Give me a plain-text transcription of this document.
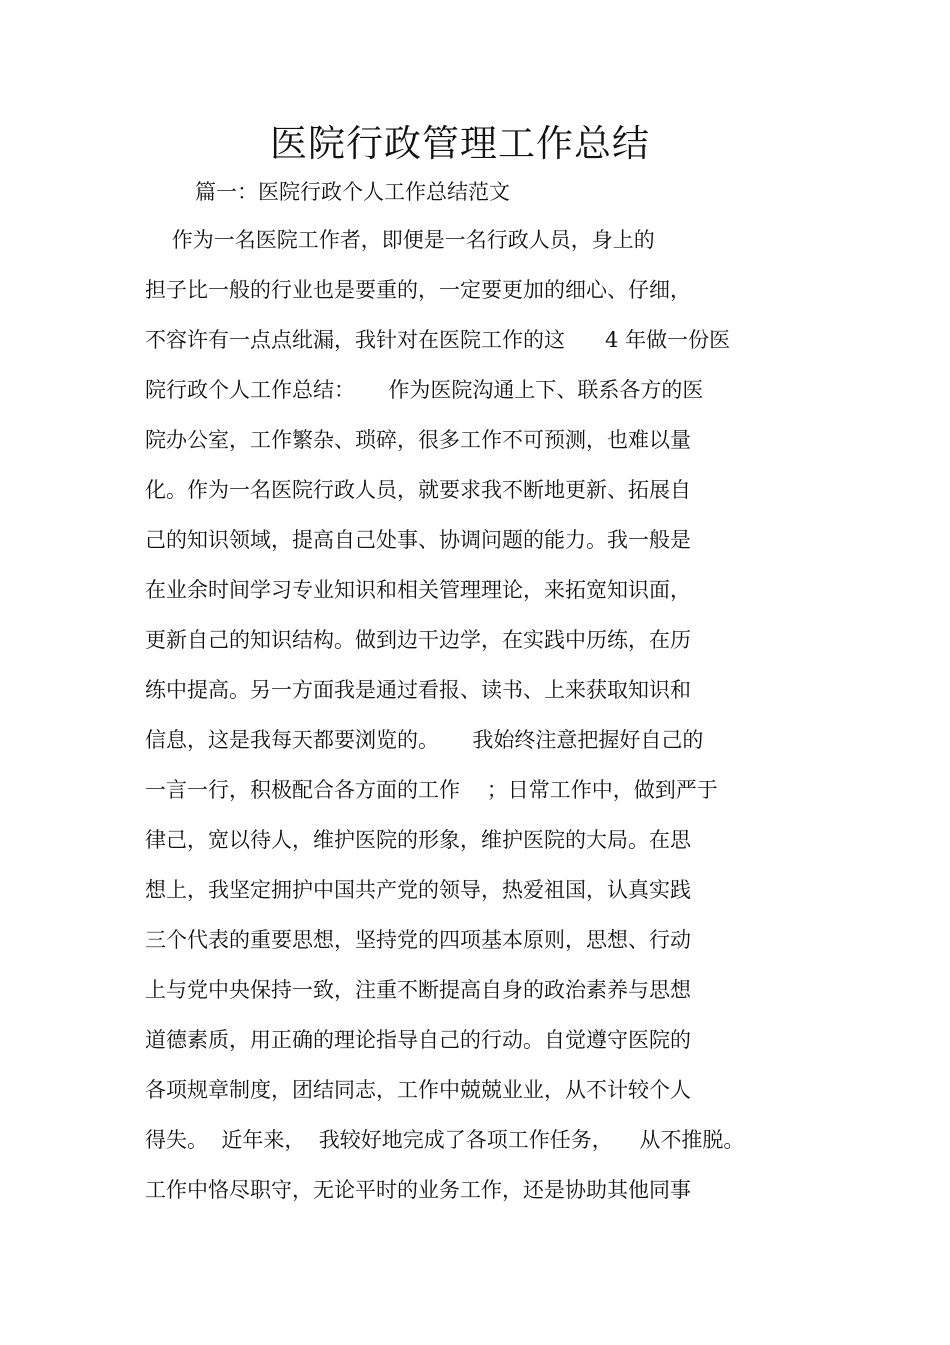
医院行政管理工作总结
篇一：医院行政个人工作总结范文
作为一名医院工作者，即便是一名行政人员，身上的
担子比一般的行业也是要重的，一定要更加的细心、仔细，
不容许有一点点纰漏，我针对在医院工作的这      4 年做一份医
院行政个人工作总结：     作为医院沟通上下、联系各方的医
院办公室，工作繁杂、琐碎，很多工作不可预测，也难以量
化。作为一名医院行政人员，就要求我不断地更新、拓展自
己的知识领域，提高自己处事、协调问题的能力。我一般是
在业余时间学习专业知识和相关管理理论，来拓宽知识面，
更新自己的知识结构。做到边干边学，在实践中历练，在历
练中提高。另一方面我是通过看报、读书、上来获取知识和
信息，这是我每天都要浏览的。     我始终注意把握好自己的
一言一行，积极配合各方面的工作    ；日常工作中，做到严于
律己，宽以待人，维护医院的形象，维护医院的大局。在思
想上，我坚定拥护中国共产党的领导，热爱祖国，认真实践
三个代表的重要思想，坚持党的四项基本原则，思想、行动
上与党中央保持一致，注重不断提高自身的政治素养与思想
道德素质，用正确的理论指导自己的行动。自觉遵守医院的
各项规章制度，团结同志，工作中兢兢业业，从不计较个人
得失。  近年来，  我较好地完成了各项工作任务，    从不推脱。
工作中恪尽职守，无论平时的业务工作，还是协助其他同事
